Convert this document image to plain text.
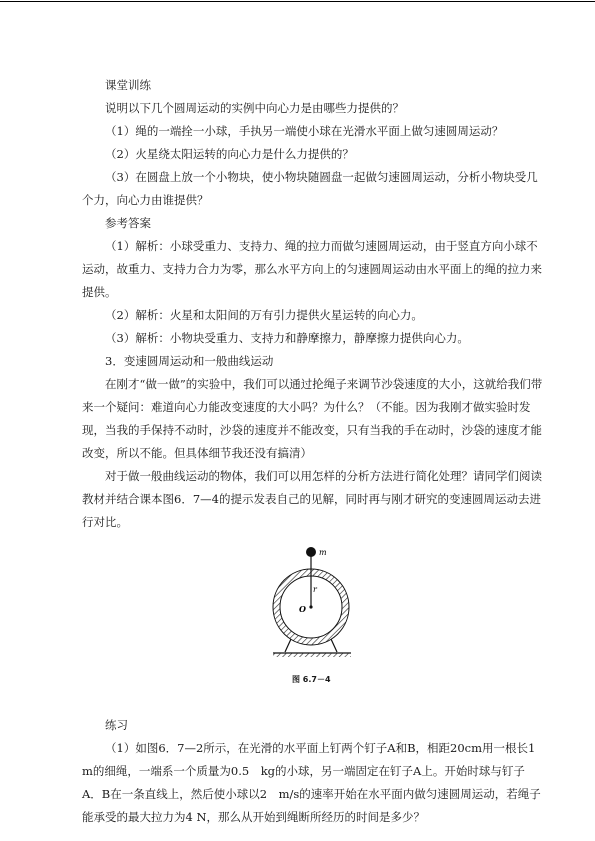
课堂训练

说明以下几个圆周运动的实例中向心力是由哪些力提供的？

（1）绳的一端拴一小球，手执另一端使小球在光滑水平面上做匀速圆周运动？

（2）火星绕太阳运转的向心力是什么力提供的？

（3）在圆盘上放一个小物块，使小物块随圆盘一起做匀速圆周运动，分析小物块受几个力，向心力由谁提供？

参考答案

（1）解析：小球受重力、支持力、绳的拉力而做匀速圆周运动，由于竖直方向小球不运动，故重力、支持力合力为零，那么水平方向上的匀速圆周运动由水平面上的绳的拉力来提供。

（2）解析：火星和太阳间的万有引力提供火星运转的向心力。

（3）解析：小物块受重力、支持力和静摩擦力，静摩擦力提供向心力。

3．变速圆周运动和一般曲线运动

在刚才“做一做”的实验中，我们可以通过抡绳子来调节沙袋速度的大小，这就给我们带来一个疑问：难道向心力能改变速度的大小吗？为什么？（不能。因为我刚才做实验时发现，当我的手保持不动时，沙袋的速度并不能改变，只有当我的手在动时，沙袋的速度才能改变，所以不能。但具体细节我还没有搞清）

对于做一般曲线运动的物体，我们可以用怎样的分析方法进行简化处理？请同学们阅读教材并结合课本图6．7—4的提示发表自己的见解，同时再与刚才研究的变速圆周运动去进行对比。

m
r
O
图 6.7－4

练习

（1）如图6．7—2所示，在光滑的水平面上钉两个钉子A和B，相距20cm用一根长1 m的细绳，一端系一个质量为0.5　kg的小球，另一端固定在钉子A上。开始时球与钉子A．B在一条直线上，然后使小球以2　m/s的速率开始在水平面内做匀速圆周运动，若绳子能承受的最大拉力为4 N，那么从开始到绳断所经历的时间是多少？
